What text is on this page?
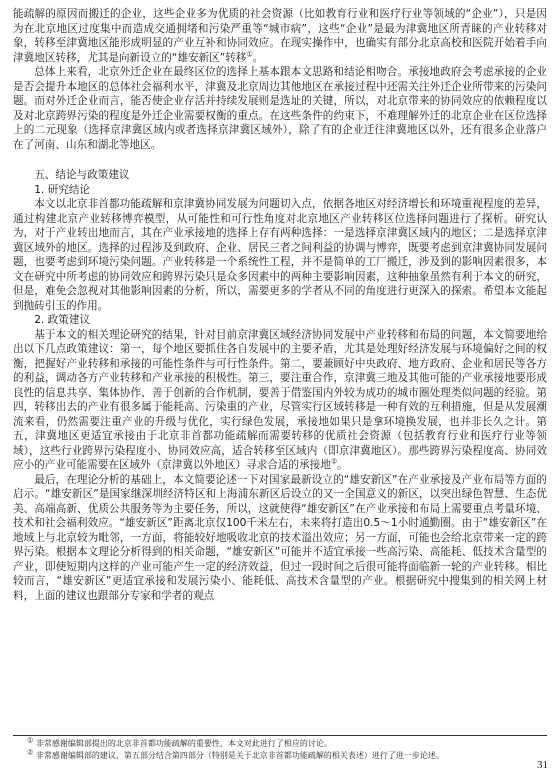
能疏解的原因而搬迁的企业，这些企业多为优质的社会资源（比如教育行业和医疗行业等领域的“企业”），只是因为在北京地区过度集中而造成交通拥堵和污染严重等“城市病”，这些“企业”是最为津冀地区所青睐的产业转移对象，转移至津冀地区能形成明显的产业互补和协同效应。在现实操作中，也确实有部分北京高校和医院开始着手向津冀地区转移，尤其是向新设立的“雄安新区”转移①。

总体上来看，北京外迁企业在最终区位的选择上基本跟本文思路和结论相吻合。承接地政府会考虑承接的企业是否会提升本地区的总体社会福利水平，津冀及北京周边其他地区在承接过程中还需关注外迁企业所带来的污染问题。而对外迁企业而言，能否使企业存活并持续发展则是选址的关键，所以，对北京带来的协同效应的依赖程度以及对北京跨界污染的程度是外迁企业需要权衡的重点。在这些条件的约束下，不难理解外迁的北京企业在区位选择上的二元现象（选择京津冀区域内或者选择京津冀区域外），除了有的企业迁往津冀地区以外，还有很多企业落户在了河南、山东和湖北等地区。

五、结论与政策建议

1. 研究结论

本文以北京非首都功能疏解和京津冀协同发展为问题切入点，依据各地区对经济增长和环境重视程度的差异，通过构建北京产业转移博弈模型，从可能性和可行性角度对北京地区产业转移区位选择问题进行了探析。研究认为，对于产业转出地而言，其在产业承接地的选择上存有两种选择：一是选择京津冀区域内的地区；二是选择京津冀区域外的地区。选择的过程涉及到政府、企业、居民三者之间利益的协调与博弈，既要考虑到京津冀协同发展问题，也要考虑到环境污染问题。产业转移是一个系统性工程，并不是简单的工厂搬迁，涉及到的影响因素很多，本文在研究中所考虑的协同效应和跨界污染只是众多因素中的两种主要影响因素，这种抽象虽然有利于本文的研究，但是，难免会忽视对其他影响因素的分析，所以，需要更多的学者从不同的角度进行更深入的探索。希望本文能起到抛砖引玉的作用。

2. 政策建议

基于本文的相关理论研究的结果，针对目前京津冀区域经济协同发展中产业转移和布局的问题，本文简要地给出以下几点政策建议：第一，每个地区要抓住各自发展中的主要矛盾，尤其是处理好经济发展与环境偏好之间的权衡，把握好产业转移和承接的可能性条件与可行性条件。第二，要兼顾好中央政府、地方政府、企业和居民等各方的利益，调动各方产业转移和产业承接的积极性。第三，要注重合作，京津冀三地及其他可能的产业承接地要形成良性的信息共享、集体协作、善于创新的合作机制，要善于借鉴国内外较为成功的城市圈处理类似问题的经验。第四，转移出去的产业有很多属于能耗高、污染重的产业，尽管实行区域转移是一种有效的互利措施，但是从发展潮流来看，仍然需要注重产业的升级与优化，实行绿色发展，承接地如果只是拿环境换发展，也并非长久之计。第五，津冀地区更适宜承接由于北京非首都功能疏解而需要转移的优质社会资源（包括教育行业和医疗行业等领域），这些行业跨界污染程度小、协同效应高，适合转移至区域内（即京津冀地区）。那些跨界污染程度高、协同效应小的产业可能需要在区域外（京津冀以外地区）寻求合适的承接地②。

最后，在理论分析的基础上，本文简要论述一下对国家最新设立的“雄安新区”在产业承接及产业布局等方面的启示。“雄安新区”是国家继深圳经济特区和上海浦东新区后设立的又一全国意义的新区，以突出绿色智慧、生态优美、高端高新、优质公共服务等为主要任务，所以，这就使得“雄安新区”在产业承接和布局上需要重点考量环境、技术和社会福利效应。“雄安新区”距离北京仅100千米左右，未来将打造出0.5～1小时通勤圈。由于“雄安新区”在地域上与北京较为毗邻，一方面，将能较好地吸收北京的技术溢出效应；另一方面，可能也会给北京带来一定的跨界污染。根据本文理论分析得到的相关命题，“雄安新区”可能并不适宜承接一些高污染、高能耗、低技术含量型的产业，即使短期内这样的产业可能产生一定的经济效益，但过一段时间之后很可能将面临新一轮的产业转移。相比较而言，“雄安新区”更适宜承接和发展污染小、能耗低、高技术含量型的产业。根据研究中搜集到的相关网上材料，上面的建议也跟部分专家和学者的观点

① 非常感谢编辑部提出的北京非首都功能疏解的重要性，本文对此进行了相应的讨论。

② 非常感谢编辑部的建议，第五部分结合第四部分（特别是关于北京非首都功能疏解的相关表述）进行了进一步论述。

31
